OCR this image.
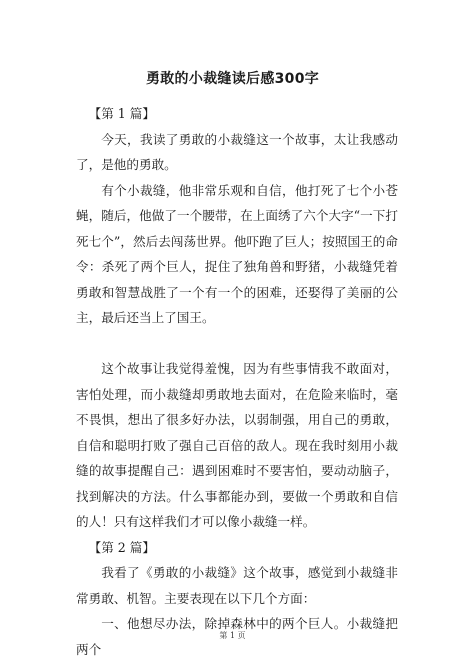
勇敢的小裁缝读后感300字

【第 1 篇】

今天，我读了勇敢的小裁缝这一个故事，太让我感动了，是他的勇敢。

有个小裁缝，他非常乐观和自信，他打死了七个小苍蝇，随后，他做了一个腰带，在上面绣了六个大字“一下打死七个”，然后去闯荡世界。他吓跑了巨人；按照国王的命令：杀死了两个巨人，捉住了独角兽和野猪，小裁缝凭着勇敢和智慧战胜了一个有一个的困难，还娶得了美丽的公主，最后还当上了国王。

这个故事让我觉得羞愧，因为有些事情我不敢面对，害怕处理，而小裁缝却勇敢地去面对，在危险来临时，毫不畏惧，想出了很多好办法，以弱制强，用自己的勇敢，自信和聪明打败了强自己百倍的敌人。现在我时刻用小裁缝的故事提醒自己：遇到困难时不要害怕，要动动脑子，找到解决的方法。什么事都能办到，要做一个勇敢和自信的人！只有这样我们才可以像小裁缝一样。

【第 2 篇】

我看了《勇敢的小裁缝》这个故事，感觉到小裁缝非常勇敢、机智。主要表现在以下几个方面：

一、他想尽办法，除掉森林中的两个巨人。小裁缝把两个

第 1 页
